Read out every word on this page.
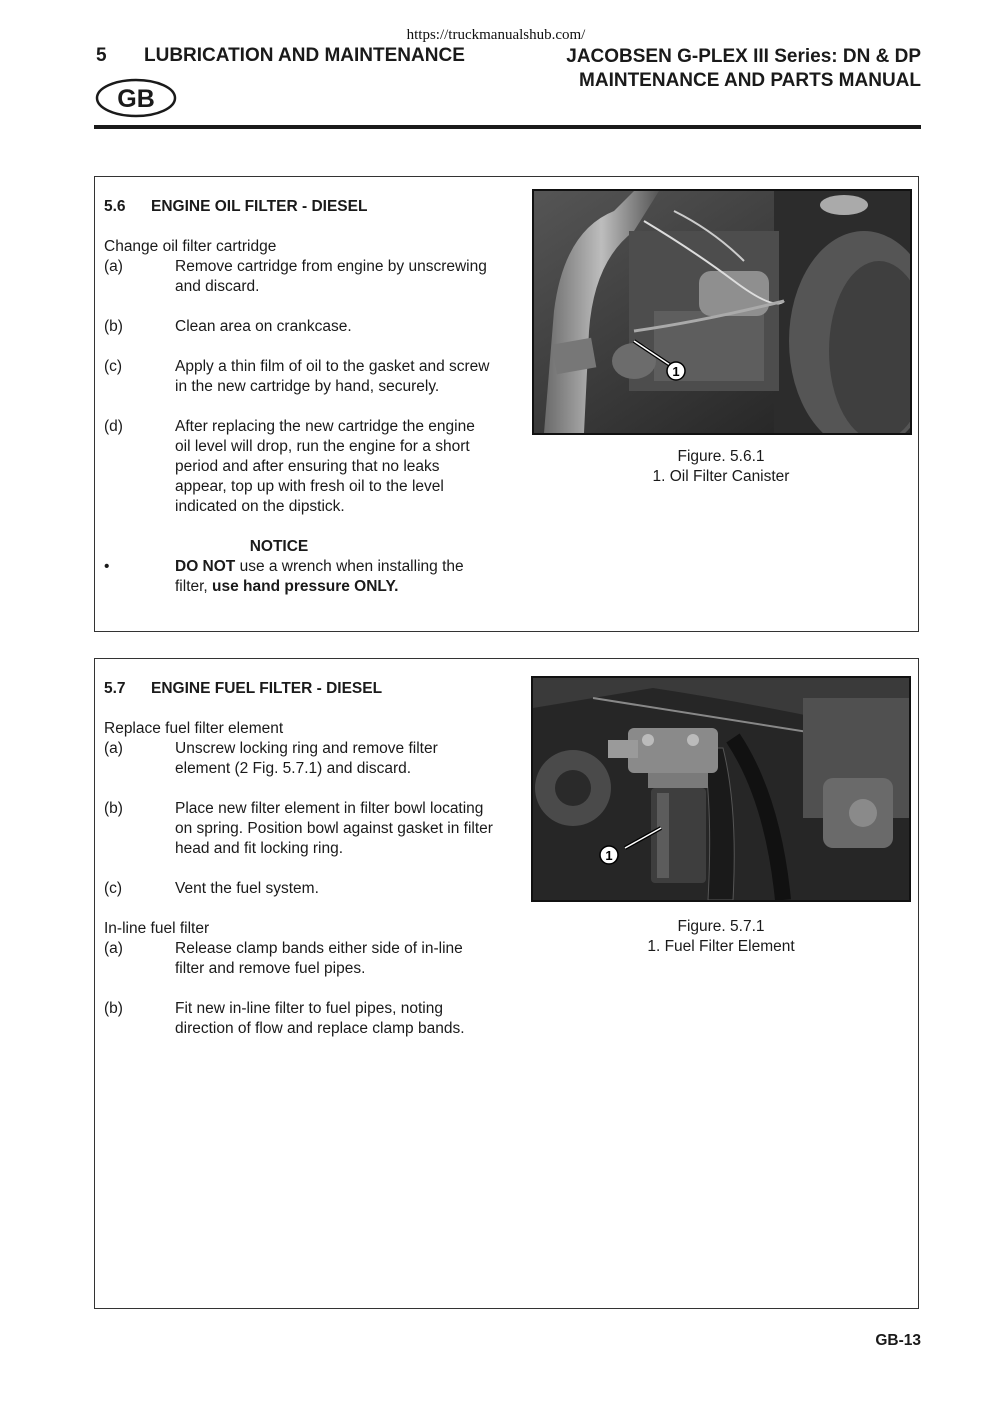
https://truckmanualshub.com/
5 LUBRICATION AND MAINTENANCE	JACOBSEN G-PLEX III Series: DN & DP
MAINTENANCE AND PARTS MANUAL
GB
5.6 ENGINE OIL FILTER - DIESEL
Change oil filter cartridge
(a)	Remove cartridge from engine by unscrewing and discard.
(b)	Clean area on crankcase.
(c)	Apply a thin film of oil to the gasket and screw in the new cartridge by hand, securely.
(d)	After replacing the new cartridge the engine oil level will drop, run the engine for a short period and after ensuring that no leaks appear, top up with fresh oil to the level indicated on the dipstick.
NOTICE
•	DO NOT use a wrench when installing the filter, use hand pressure ONLY.
1
Figure. 5.6.1
1. Oil Filter Canister
5.7 ENGINE FUEL FILTER - DIESEL
Replace fuel filter element
(a)	Unscrew locking ring and remove filter element (2 Fig. 5.7.1) and discard.
(b)	Place new filter element in filter bowl locating on spring. Position bowl against gasket in filter head and fit locking ring.
(c)	Vent the fuel system.
In-line fuel filter
(a)	Release clamp bands either side of in-line filter and remove fuel pipes.
(b)	Fit new in-line filter to fuel pipes, noting direction of flow and replace clamp bands.
1
Figure. 5.7.1
1. Fuel Filter Element
GB-13
